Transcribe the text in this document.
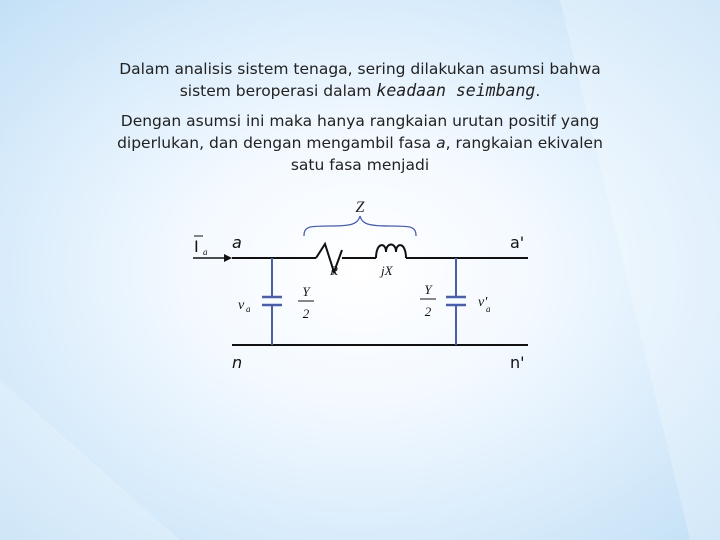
Dalam analisis sistem tenaga, sering dilakukan asumsi bahwa
sistem beroperasi dalam keadaan seimbang.
Dengan asumsi ini maka hanya rangkaian urutan positif yang
diperlukan, dan dengan mengambil fasa a, rangkaian ekivalen
satu fasa menjadi
Z
I a a	a'
n	n'
R	jX
v a	v'
a
Y
2
Y
2
